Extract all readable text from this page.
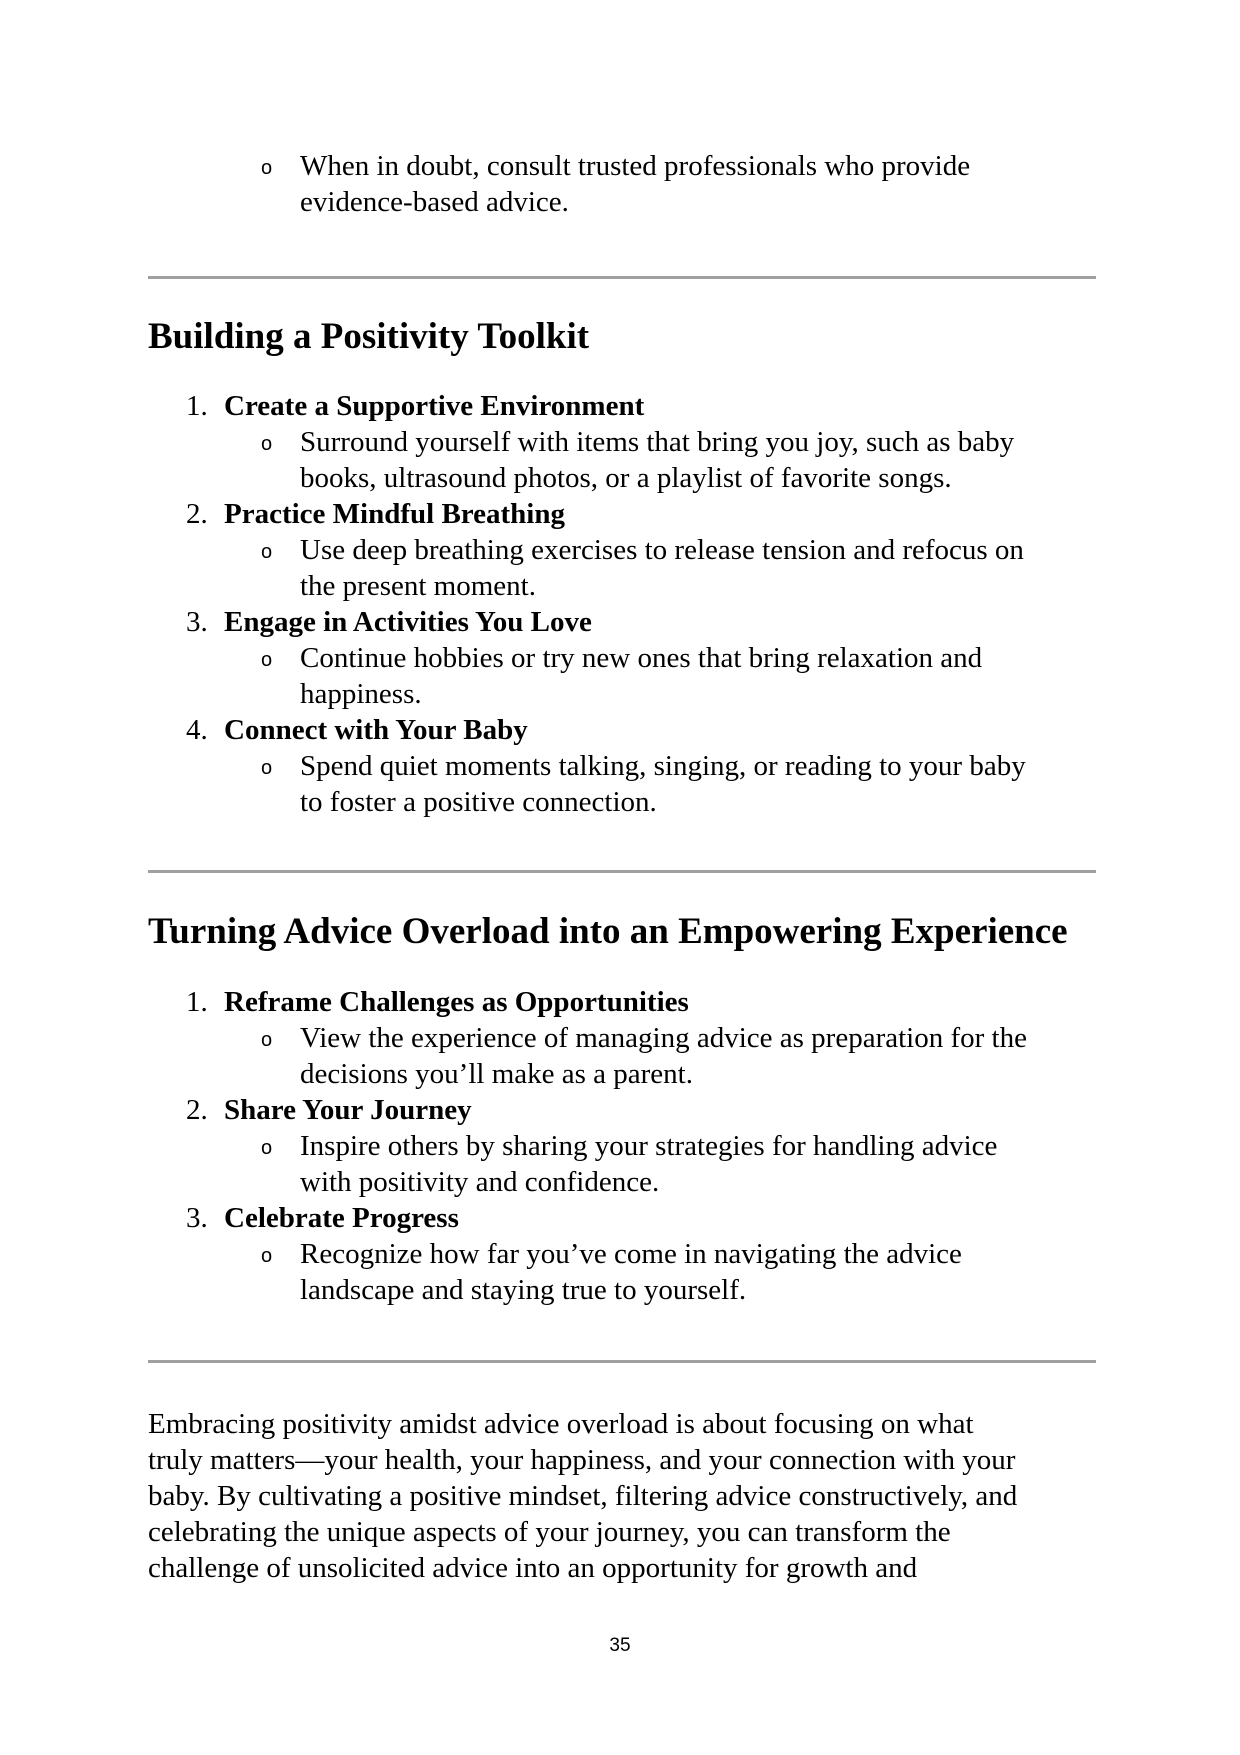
o When in doubt, consult trusted professionals who provide
evidence-based advice.
Building a Positivity Toolkit
1. Create a Supportive Environment
o Surround yourself with items that bring you joy, such as baby
books, ultrasound photos, or a playlist of favorite songs.
2. Practice Mindful Breathing
o Use deep breathing exercises to release tension and refocus on
the present moment.
3. Engage in Activities You Love
o Continue hobbies or try new ones that bring relaxation and
happiness.
4. Connect with Your Baby
o Spend quiet moments talking, singing, or reading to your baby
to foster a positive connection.
Turning Advice Overload into an Empowering Experience
1. Reframe Challenges as Opportunities
o View the experience of managing advice as preparation for the
decisions you’ll make as a parent.
2. Share Your Journey
o Inspire others by sharing your strategies for handling advice
with positivity and confidence.
3. Celebrate Progress
o Recognize how far you’ve come in navigating the advice
landscape and staying true to yourself.
Embracing positivity amidst advice overload is about focusing on what
truly matters—your health, your happiness, and your connection with your
baby. By cultivating a positive mindset, filtering advice constructively, and
celebrating the unique aspects of your journey, you can transform the
challenge of unsolicited advice into an opportunity for growth and
35
